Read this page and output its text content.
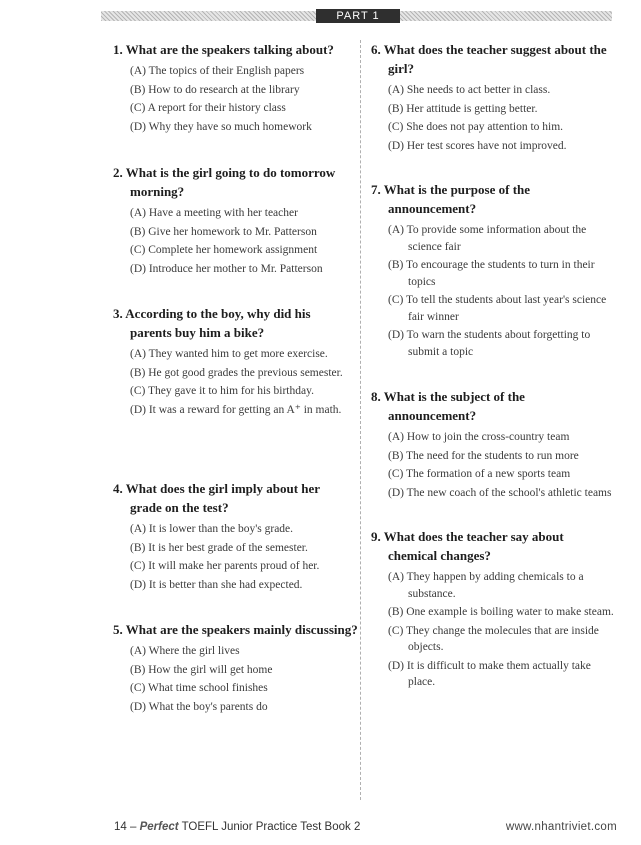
PART 1

1. What are the speakers talking about?

(A) The topics of their English papers
(B) How to do research at the library
(C) A report for their history class
(D) Why they have so much homework

2. What is the girl going to do tomorrow morning?

(A) Have a meeting with her teacher
(B) Give her homework to Mr. Patterson
(C) Complete her homework assignment
(D) Introduce her mother to Mr. Patterson

3. According to the boy, why did his parents buy him a bike?

(A) They wanted him to get more exercise.
(B) He got good grades the previous semester.
(C) They gave it to him for his birthday.
(D) It was a reward for getting an A⁺ in math.

4. What does the girl imply about her grade on the test?

(A) It is lower than the boy's grade.
(B) It is her best grade of the semester.
(C) It will make her parents proud of her.
(D) It is better than she had expected.

5. What are the speakers mainly discussing?

(A) Where the girl lives
(B) How the girl will get home
(C) What time school finishes
(D) What the boy's parents do

6. What does the teacher suggest about the girl?

(A) She needs to act better in class.
(B) Her attitude is getting better.
(C) She does not pay attention to him.
(D) Her test scores have not improved.

7. What is the purpose of the announcement?

(A) To provide some information about the science fair
(B) To encourage the students to turn in their topics
(C) To tell the students about last year's science fair winner
(D) To warn the students about forgetting to submit a topic

8. What is the subject of the announcement?

(A) How to join the cross-country team
(B) The need for the students to run more
(C) The formation of a new sports team
(D) The new coach of the school's athletic teams

9. What does the teacher say about chemical changes?

(A) They happen by adding chemicals to a substance.
(B) One example is boiling water to make steam.
(C) They change the molecules that are inside objects.
(D) It is difficult to make them actually take place.
14 – Perfect TOEFL Junior Practice Test Book 2	www.nhantriviet.com
